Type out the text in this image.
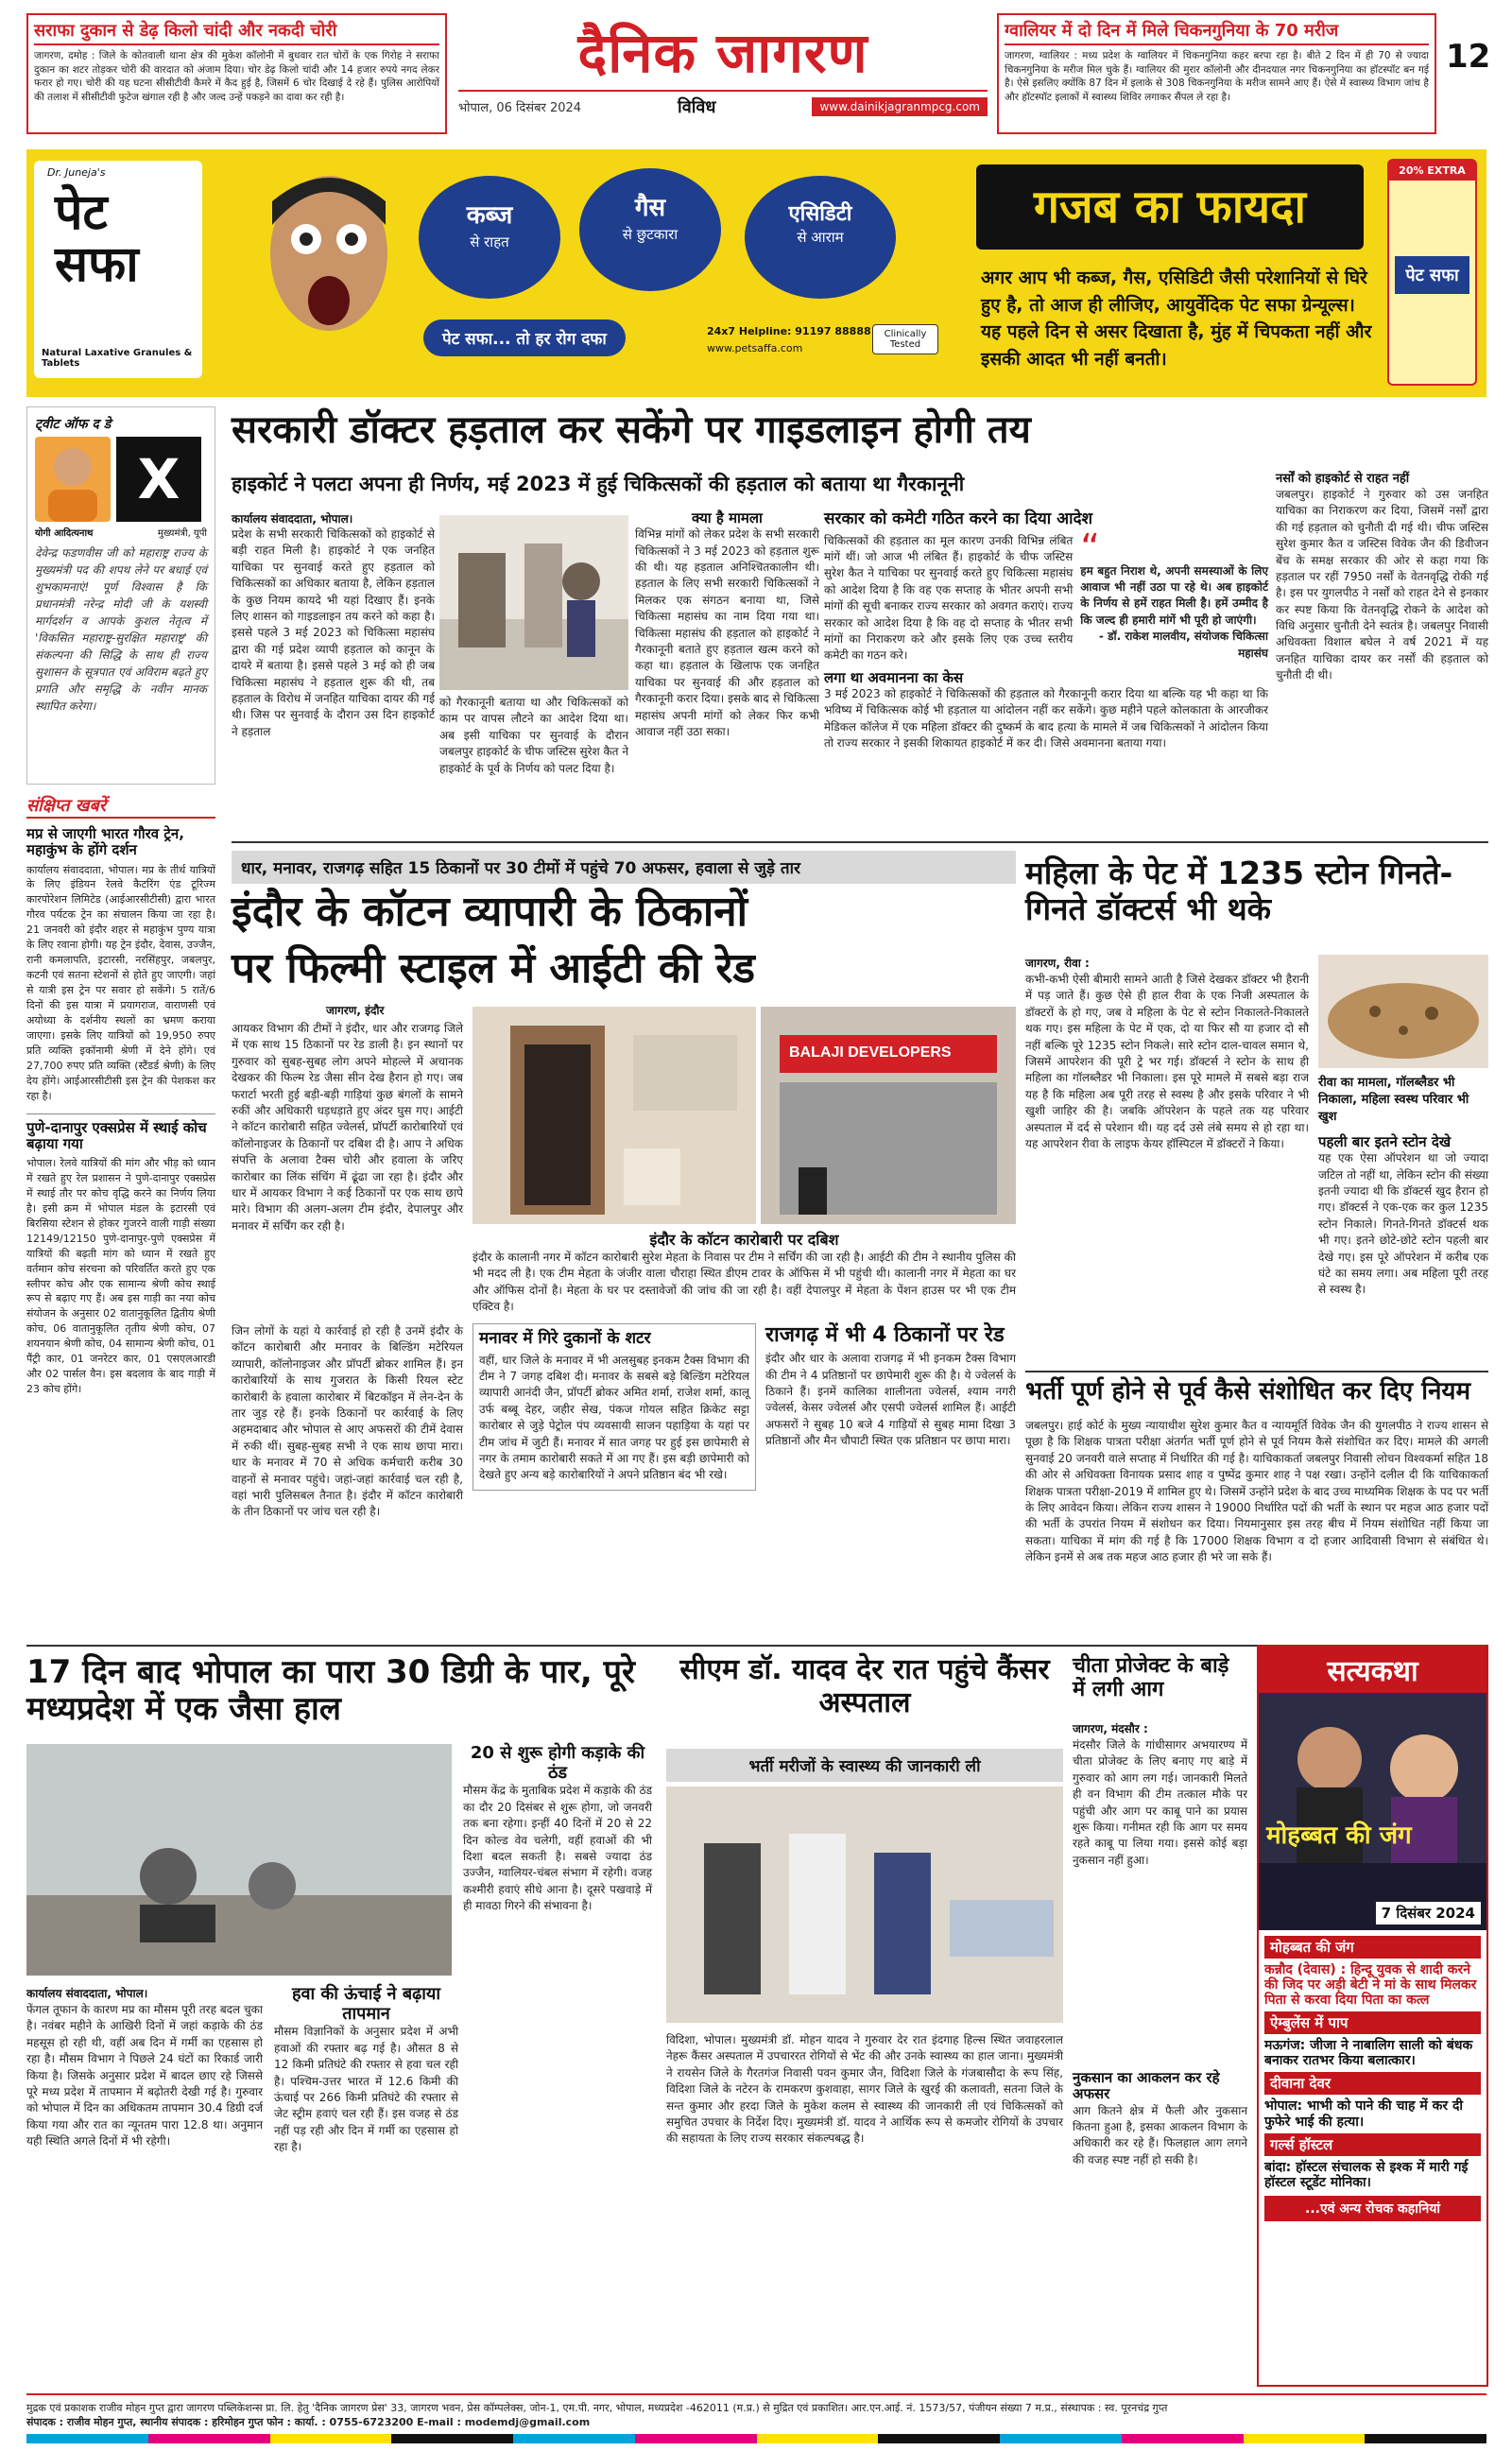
सराफा दुकान से डेढ़ किलो चांदी और नकदी चोरी
जागरण, दमोह : जिले के कोतवाली थाना क्षेत्र की मुकेश कॉलोनी में बुधवार रात चोरों के एक गिरोह ने सराफा दुकान का शटर तोड़कर चोरी की वारदात को अंजाम दिया। चोर डेढ़ किलो चांदी और 14 हजार रुपये नगद लेकर फरार हो गए। चोरी की यह घटना सीसीटीवी कैमरे में कैद हुई है, जिसमें 6 चोर दिखाई दे रहे हैं। पुलिस आरोपियों की तलाश में सीसीटीवी फुटेज खंगाल रही है और जल्द उन्हें पकड़ने का दावा कर रही है।
दैनिक जागरण
भोपाल, 06 दिसंबर 2024	विविध	www.dainikjagranmpcg.com
ग्वालियर में दो दिन में मिले चिकनगुनिया के 70 मरीज
जागरण, ग्वालियर : मध्य प्रदेश के ग्वालियर में चिकनगुनिया कहर बरपा रहा है। बीते 2 दिन में ही 70 से ज्यादा चिकनगुनिया के मरीज मिल चुके हैं। ग्वालियर की मुरार कॉलोनी और दीनदयाल नगर चिकनगुनिया का हॉटस्पॉट बन गई है। ऐसे इसलिए क्योंकि 87 दिन में इलाके से 308 चिकनगुनिया के मरीज सामने आए हैं। ऐसे में स्वास्थ्य विभाग जांच है और हॉटस्पॉट इलाकों में स्वास्थ्य शिविर लगाकर सैंपल ले रहा है।
12
Dr. Juneja's
पेट सफा
Natural Laxative Granules & Tablets
कब्ज
से राहत
गैस
से छुटकारा
एसिडिटी
से आराम
पेट सफा... तो हर रोग दफा	24x7 Helpline: 91197 88888
www.petsaffa.com
Clinically Tested
गजब का फायदा
अगर आप भी कब्ज, गैस, एसिडिटी जैसी परेशानियों से घिरे हुए है, तो आज ही लीजिए, आयुर्वेदिक पेट सफा ग्रेन्यूल्स। यह पहले दिन से असर दिखाता है, मुंह में चिपकता नहीं और इसकी आदत भी नहीं बनती।
20% EXTRA
पेट सफा
ट्वीट ऑफ द डे
X
योगी आदित्यनाथ	मुख्यमंत्री, यूपी
देवेन्द्र फडणवीस जी को महाराष्ट्र राज्य के मुख्यमंत्री पद की शपथ लेने पर बधाई एवं शुभकामनाएं! पूर्ण विश्वास है कि प्रधानमंत्री नरेन्द्र मोदी जी के यशस्वी मार्गदर्शन व आपके कुशल नेतृत्व में 'विकसित महाराष्ट्र-सुरक्षित महाराष्ट्र' की संकल्पना की सिद्धि के साथ ही राज्य सुशासन के सूत्रपात एवं अविराम बढ़ते हुए प्रगति और समृद्धि के नवीन मानक स्थापित करेगा।
संक्षिप्त खबरें
मप्र से जाएगी भारत गौरव ट्रेन, महाकुंभ के होंगे दर्शन
कार्यालय संवाददाता, भोपाल। मप्र के तीर्थ यात्रियों के लिए इंडियन रेलवे कैटरिंग एंड टूरिज्म कारपोरेशन लिमिटेड (आईआरसीटीसी) द्वारा भारत गौरव पर्यटक ट्रेन का संचालन किया जा रहा है। 21 जनवरी को इंदौर शहर से महाकुंभ पुण्य यात्रा के लिए रवाना होगी। यह ट्रेन इंदौर, देवास, उज्जैन, रानी कमलापति, इटारसी, नरसिंहपुर, जबलपुर, कटनी एवं सतना स्टेशनों से होते हुए जाएगी। जहां से यात्री इस ट्रेन पर सवार हो सकेंगे। 5 रातें/6 दिनों की इस यात्रा में प्रयागराज, वाराणसी एवं अयोध्या के दर्शनीय स्थलों का भ्रमण कराया जाएगा। इसके लिए यात्रियों को 19,950 रुपए प्रति व्यक्ति इकॉनामी श्रेणी में देने होंगे। एवं 27,700 रुपए प्रति व्यक्ति (स्टैंडर्ड श्रेणी) के लिए देय होंगे। आईआरसीटीसी इस ट्रेन की पेशकश कर रहा है।
पुणे-दानापुर एक्सप्रेस में स्थाई कोच बढ़ाया गया
भोपाल। रेलवे यात्रियों की मांग और भीड़ को ध्यान में रखते हुए रेल प्रशासन ने पुणे-दानापुर एक्सप्रेस में स्थाई तौर पर कोच वृद्धि करने का निर्णय लिया है। इसी क्रम में भोपाल मंडल के इटारसी एवं बिरसिया स्टेशन से होकर गुजरने वाली गाड़ी संख्या 12149/12150 पुणे-दानापुर-पुणे एक्सप्रेस में यात्रियों की बढ़ती मांग को ध्यान में रखते हुए वर्तमान कोच संरचना को परिवर्तित करते हुए एक स्लीपर कोच और एक सामान्य श्रेणी कोच स्थाई रूप से बढ़ाए गए हैं। अब इस गाड़ी का नया कोच संयोजन के अनुसार 02 वातानुकूलित द्वितीय श्रेणी कोच, 06 वातानुकूलित तृतीय श्रेणी कोच, 07 शयनयान श्रेणी कोच, 04 सामान्य श्रेणी कोच, 01 पैंट्री कार, 01 जनरेटर कार, 01 एसएलआरडी और 02 पार्सल वैन। इस बदलाव के बाद गाड़ी में 23 कोच होंगे।
सरकारी डॉक्टर हड़ताल कर सकेंगे पर गाइडलाइन होगी तय
हाइकोर्ट ने पलटा अपना ही निर्णय, मई 2023 में हुई चिकित्सकों की हड़ताल को बताया था गैरकानूनी
कार्यालय संवाददाता, भोपाल।
प्रदेश के सभी सरकारी चिकित्सकों को हाइकोर्ट से बड़ी राहत मिली है। हाइकोर्ट ने एक जनहित याचिका पर सुनवाई करते हुए हड़ताल को चिकित्सकों का अधिकार बताया है, लेकिन हड़ताल के कुछ नियम कायदे भी यहां दिखाए हैं। इनके लिए शासन को गाइडलाइन तय करने को कहा है। इससे पहले 3 मई 2023 को चिकित्सा महासंघ द्वारा की गई प्रदेश व्यापी हड़ताल को कानून के दायरे में बताया है। इससे पहले 3 मई को ही जब चिकित्सा महासंघ ने हड़ताल शुरू की थी, तब हड़ताल के विरोध में जनहित याचिका दायर की गई थी। जिस पर सुनवाई के दौरान उस दिन हाइकोर्ट ने हड़ताल
को गैरकानूनी बताया था और चिकित्सकों को काम पर वापस लौटने का आदेश दिया था। अब इसी याचिका पर सुनवाई के दौरान जबलपुर हाइकोर्ट के चीफ जस्टिस सुरेश कैत ने हाइकोर्ट के पूर्व के निर्णय को पलट दिया है।
क्या है मामला
विभिन्न मांगों को लेकर प्रदेश के सभी सरकारी चिकित्सकों ने 3 मई 2023 को हड़ताल शुरू की थी। यह हड़ताल अनिश्चितकालीन थी। हड़ताल के लिए सभी सरकारी चिकित्सकों ने मिलकर एक संगठन बनाया था, जिसे चिकित्सा महासंघ का नाम दिया गया था। चिकित्सा महासंघ की हड़ताल को हाइकोर्ट ने गैरकानूनी बताते हुए हड़ताल खत्म करने को कहा था। हड़ताल के खिलाफ एक जनहित याचिका पर सुनवाई की और हड़ताल को गैरकानूनी करार दिया। इसके बाद से चिकित्सा महासंघ अपनी मांगों को लेकर फिर कभी आवाज नहीं उठा सका।
सरकार को कमेटी गठित करने का दिया आदेश
चिकित्सकों की हड़ताल का मूल कारण उनकी विभिन्न लंबित मांगें थीं। जो आज भी लंबित हैं। हाइकोर्ट के चीफ जस्टिस सुरेश कैत ने याचिका पर सुनवाई करते हुए चिकित्सा महासंघ को आदेश दिया है कि वह एक सप्ताह के भीतर अपनी सभी मांगों की सूची बनाकर राज्य सरकार को अवगत कराएं। राज्य सरकार को आदेश दिया है कि वह दो सप्ताह के भीतर सभी मांगों का निराकरण करे और इसके लिए एक उच्च स्तरीय कमेटी का गठन करे।
“
हम बहुत निराश थे, अपनी समस्याओं के लिए आवाज भी नहीं उठा पा रहे थे। अब हाइकोर्ट के निर्णय से हमें राहत मिली है। हमें उम्मीद है कि जल्द ही हमारी मांगें भी पूरी हो जाएंगी।
- डॉ. राकेश मालवीय, संयोजक चिकित्सा महासंघ
लगा था अवमानना का केस
3 मई 2023 को हाइकोर्ट ने चिकित्सकों की हड़ताल को गैरकानूनी करार दिया था बल्कि यह भी कहा था कि भविष्य में चिकित्सक कोई भी हड़ताल या आंदोलन नहीं कर सकेंगे। कुछ महीने पहले कोलकाता के आरजीकर मेडिकल कॉलेज में एक महिला डॉक्टर की दुष्कर्म के बाद हत्या के मामले में जब चिकित्सकों ने आंदोलन किया तो राज्य सरकार ने इसकी शिकायत हाइकोर्ट में कर दी। जिसे अवमानना बताया गया।
नर्सों को हाइकोर्ट से राहत नहीं
जबलपुर। हाइकोर्ट ने गुरुवार को उस जनहित याचिका का निराकरण कर दिया, जिसमें नर्सों द्वारा की गई हड़ताल को चुनौती दी गई थी। चीफ जस्टिस सुरेश कुमार कैत व जस्टिस विवेक जैन की डिवीजन बेंच के समक्ष सरकार की ओर से कहा गया कि हड़ताल पर रहीं 7950 नर्सों के वेतनवृद्धि रोकी गई है। इस पर युगलपीठ ने नर्सों को राहत देने से इनकार कर स्पष्ट किया कि वेतनवृद्धि रोकने के आदेश को विधि अनुसार चुनौती देने स्वतंत्र है। जबलपुर निवासी अधिवक्ता विशाल बघेल ने वर्ष 2021 में यह जनहित याचिका दायर कर नर्सों की हड़ताल को चुनौती दी थी।
धार, मनावर, राजगढ़ सहित 15 ठिकानों पर 30 टीमों में पहुंचे 70 अफसर, हवाला से जुड़े तार
इंदौर के कॉटन व्यापारी के ठिकानों
पर फिल्मी स्टाइल में आईटी की रेड
जागरण, इंदौर
आयकर विभाग की टीमों ने इंदौर, धार और राजगढ़ जिले में एक साथ 15 ठिकानों पर रेड डाली है। इन स्थानों पर गुरुवार को सुबह-सुबह लोग अपने मोहल्ले में अचानक देखकर की फिल्म रेड जैसा सीन देख हैरान हो गए। जब फरार्टा भरती हुई बड़ी-बड़ी गाड़ियां कुछ बंगलों के सामने रुकीं और अधिकारी धड़धड़ाते हुए अंदर घुस गए। आईटी ने कॉटन कारोबारी सहित ज्वेलर्स, प्रॉपर्टी कारोबारियों एवं कॉलोनाइजर के ठिकानों पर दबिश दी है। आप ने अधिक संपत्ति के अलावा टैक्स चोरी और हवाला के जरिए कारोबार का लिंक संचिंग में ढूंढा जा रहा है। इंदौर और धार में आयकर विभाग ने कई ठिकानों पर एक साथ छापे मारे। विभाग की अलग-अलग टीम इंदौर, देपालपुर और मनावर में सर्चिंग कर रही है।
BALAJI DEVELOPERS
इंदौर के कॉटन कारोबारी पर दबिश
इंदौर के कालानी नगर में कॉटन कारोबारी सुरेश मेहता के निवास पर टीम ने सर्चिंग की जा रही है। आईटी की टीम ने स्थानीय पुलिस की भी मदद ली है। एक टीम मेहता के जंजीर वाला चौराहा स्थित डीएम टावर के ऑफिस में भी पहुंची थी। कालानी नगर में मेहता का घर और ऑफिस दोनों है। मेहता के घर पर दस्तावेजों की जांच की जा रही है। वहीं देपालपुर में मेहता के पेंशन हाउस पर भी एक टीम एक्टिव है।
जिन लोगों के यहां ये कार्रवाई हो रही है उनमें इंदौर के कॉटन कारोबारी और मनावर के बिल्डिंग मटेरियल व्यापारी, कॉलोनाइजर और प्रॉपर्टी ब्रोकर शामिल हैं। इन कारोबारियों के साथ गुजरात के किसी रियल स्टेट कारोबारी के हवाला कारोबार में बिटकॉइन में लेन-देन के तार जुड़ रहे हैं। इनके ठिकानों पर कार्रवाई के लिए अहमदाबाद और भोपाल से आए अफसरों की टीमें देवास में रुकी थीं। सुबह-सुबह सभी ने एक साथ छापा मारा। धार के मनावर में 70 से अधिक कर्मचारी करीब 30 वाहनों से मनावर पहुंचे। जहां-जहां कार्रवाई चल रही है, वहां भारी पुलिसबल तैनात है। इंदौर में कॉटन कारोबारी के तीन ठिकानों पर जांच चल रही है।
मनावर में गिरे दुकानों के शटर
वहीं, धार जिले के मनावर में भी अलसुबह इनकम टैक्स विभाग की टीम ने 7 जगह दबिश दी। मनावर के सबसे बड़े बिल्डिंग मटेरियल व्यापारी आनंदी जैन, प्रॉपर्टी ब्रोकर अमित शर्मा, राजेश शर्मा, कालू उर्फ बब्बू देहर, जहीर सेख, पंकज गोयल सहित क्रिकेट सट्टा कारोबार से जुड़े पेट्रोल पंप व्यवसायी साजन पहाड़िया के यहां पर टीम जांच में जुटी हैं। मनावर में सात जगह पर हुई इस छापेमारी से नगर के तमाम कारोबारी सकते में आ गए हैं। इस बड़ी छापेमारी को देखते हुए अन्य बड़े कारोबारियों ने अपने प्रतिष्ठान बंद भी रखे।
राजगढ़ में भी 4 ठिकानों पर रेड
इंदौर और धार के अलावा राजगढ़ में भी इनकम टैक्स विभाग की टीम ने 4 प्रतिष्ठानों पर छापेमारी शुरू की है। ये ज्वेलर्स के ठिकाने हैं। इनमें कालिका शालीनता ज्वेलर्स, श्याम नगरी ज्वेलर्स, केसर ज्वेलर्स और एसपी ज्वेलर्स शामिल हैं। आईटी अफसरों ने सुबह 10 बजे 4 गाड़ियों से सुबह मामा दिखा 3 प्रतिष्ठानों और मैन चौपाटी स्थित एक प्रतिष्ठान पर छापा मारा।
महिला के पेट में 1235 स्टोन गिनते-गिनते डॉक्टर्स भी थके
जागरण, रीवा :
कभी-कभी ऐसी बीमारी सामने आती है जिसे देखकर डॉक्टर भी हैरानी में पड़ जाते हैं। कुछ ऐसे ही हाल रीवा के एक निजी अस्पताल के डॉक्टरों के हो गए, जब वे महिला के पेट से स्टोन निकालते-निकालते थक गए। इस महिला के पेट में एक, दो या फिर सौ या हजार दो सौ नहीं बल्कि पूरे 1235 स्टोन निकले। सारे स्टोन दाल-चावल समान थे, जिसमें आपरेशन की पूरी ट्रे भर गई। डॉक्टर्स ने स्टोन के साथ ही महिला का गॉलब्लैडर भी निकाला। इस पूरे मामले में सबसे बड़ा राज यह है कि महिला अब पूरी तरह से स्वस्थ है और इसके परिवार ने भी खुशी जाहिर की है। जबकि ऑपरेशन के पहले तक यह परिवार अस्पताल में दर्द से परेशान थी। यह दर्द उसे लंबे समय से हो रहा था। यह आपरेशन रीवा के लाइफ केयर हॉस्पिटल में डॉक्टरों ने किया।
रीवा का मामला, गॉलब्लैडर भी निकाला, महिला स्वस्थ परिवार भी खुश
पहली बार इतने स्टोन देखे
यह एक ऐसा ऑपरेशन था जो ज्यादा जटिल तो नहीं था, लेकिन स्टोन की संख्या इतनी ज्यादा थी कि डॉक्टर्स खुद हैरान हो गए। डॉक्टर्स ने एक-एक कर कुल 1235 स्टोन निकाले। गिनते-गिनते डॉक्टर्स थक भी गए। इतने छोटे-छोटे स्टोन पहली बार देखे गए। इस पूरे ऑपरेशन में करीब एक घंटे का समय लगा। अब महिला पूरी तरह से स्वस्थ है।
भर्ती पूर्ण होने से पूर्व कैसे संशोधित कर दिए नियम
जबलपुर। हाई कोर्ट के मुख्य न्यायाधीश सुरेश कुमार कैत व न्यायमूर्ति विवेक जैन की युगलपीठ ने राज्य शासन से पूछा है कि शिक्षक पात्रता परीक्षा अंतर्गत भर्ती पूर्ण होने से पूर्व नियम कैसे संशोधित कर दिए। मामले की अगली सुनवाई 20 जनवरी वाले सप्ताह में निर्धारित की गई है। याचिकाकर्ता जबलपुर निवासी लोचन विश्वकर्मा सहित 18 की ओर से अधिवक्ता विनायक प्रसाद शाह व पुष्पेंद्र कुमार शाह ने पक्ष रखा। उन्होंने दलील दी कि याचिकाकर्ता शिक्षक पात्रता परीक्षा-2019 में शामिल हुए थे। जिसमें उन्होंने प्रदेश के बाद उच्च माध्यमिक शिक्षक के पद पर भर्ती के लिए आवेदन किया। लेकिन राज्य शासन ने 19000 निर्धारित पदों की भर्ती के स्थान पर महज आठ हजार पदों की भर्ती के उपरांत नियम में संशोधन कर दिया। नियमानुसार इस तरह बीच में नियम संशोधित नहीं किया जा सकता। याचिका में मांग की गई है कि 17000 शिक्षक विभाग व दो हजार आदिवासी विभाग से संबंधित थे। लेकिन इनमें से अब तक महज आठ हजार ही भरे जा सके हैं।
17 दिन बाद भोपाल का पारा 30 डिग्री के पार, पूरे मध्यप्रदेश में एक जैसा हाल
20 से शुरू होगी कड़ाके की ठंड
मौसम केंद्र के मुताबिक प्रदेश में कड़ाके की ठंड का दौर 20 दिसंबर से शुरू होगा, जो जनवरी तक बना रहेगा। इन्हीं 40 दिनों में 20 से 22 दिन कोल्ड वेव चलेगी, वहीं हवाओं की भी दिशा बदल सकती है। सबसे ज्यादा ठंड उज्जैन, ग्वालियर-चंबल संभाग में रहेगी। वजह कश्मीरी हवाएं सीधे आना है। दूसरे पखवाड़े में ही मावठा गिरने की संभावना है।
कार्यालय संवाददाता, भोपाल।
फेंगल तूफान के कारण मप्र का मौसम पूरी तरह बदल चुका है। नवंबर महीने के आखिरी दिनों में जहां कड़ाके की ठंड महसूस हो रही थी, वहीं अब दिन में गर्मी का एहसास हो रहा है। मौसम विभाग ने पिछले 24 घंटों का रिकार्ड जारी किया है। जिसके अनुसार प्रदेश में बादल छाए रहे जिससे पूरे मध्य प्रदेश में तापमान में बढ़ोतरी देखी गई है। गुरुवार को भोपाल में दिन का अधिकतम तापमान 30.4 डिग्री दर्ज किया गया और रात का न्यूनतम पारा 12.8 था। अनुमान यही स्थिति अगले दिनों में भी रहेगी।
हवा की ऊंचाई ने बढ़ाया तापमान
मौसम विज्ञानिकों के अनुसार प्रदेश में अभी हवाओं की रफ्तार बढ़ गई है। औसत 8 से 12 किमी प्रतिघंटे की रफ्तार से हवा चल रही है। पश्चिम-उत्तर भारत में 12.6 किमी की ऊंचाई पर 266 किमी प्रतिघंटे की रफ्तार से जेट स्ट्रीम हवाएं चल रही हैं। इस वजह से ठंड नहीं पड़ रही और दिन में गर्मी का एहसास हो रहा है।
सीएम डॉ. यादव देर रात पहुंचे कैंसर अस्पताल
भर्ती मरीजों के स्वास्थ्य की जानकारी ली
विदिशा, भोपाल। मुख्यमंत्री डॉ. मोहन यादव ने गुरुवार देर रात इंदगाह हिल्स स्थित जवाहरलाल नेहरू कैंसर अस्पताल में उपचाररत रोगियों से भेंट की और उनके स्वास्थ्य का हाल जाना। मुख्यमंत्री ने रायसेन जिले के गैरतगंज निवासी पवन कुमार जैन, विदिशा जिले के गंजबासौदा के रूप सिंह, विदिशा जिले के नटेरन के रामकरण कुशवाहा, सागर जिले के खुरई की कलावती, सतना जिले के सन्त कुमार और हरदा जिले के मुकेश कलम से स्वास्थ्य की जानकारी ली एवं चिकित्सकों को समुचित उपचार के निर्देश दिए। मुख्यमंत्री डॉ. यादव ने आर्थिक रूप से कमजोर रोगियों के उपचार की सहायता के लिए राज्य सरकार संकल्पबद्ध है।
चीता प्रोजेक्ट के बाड़े में लगी आग
जागरण, मंदसौर :
मंदसौर जिले के गांधीसागर अभयारण्य में चीता प्रोजेक्ट के लिए बनाए गए बाड़े में गुरुवार को आग लग गई। जानकारी मिलते ही वन विभाग की टीम तत्काल मौके पर पहुंची और आग पर काबू पाने का प्रयास शुरू किया। गनीमत रही कि आग पर समय रहते काबू पा लिया गया। इससे कोई बड़ा नुकसान नहीं हुआ।
नुकसान का आकलन कर रहे अफसर
आग कितने क्षेत्र में फैली और नुकसान कितना हुआ है, इसका आकलन विभाग के अधिकारी कर रहे हैं। फिलहाल आग लगने की वजह स्पष्ट नहीं हो सकी है।
सत्यकथा
मोहब्बत की जंग
7 दिसंबर 2024
मोहब्बत की जंग
कन्नौद (देवास) : हिन्दू युवक से शादी करने की जिद पर अड़ी बेटी ने मां के साथ मिलकर पिता से करवा दिया पिता का कत्ल
ऐम्बुलेंस में पाप
मऊगंज: जीजा ने नाबालिग साली को बंधक बनाकर रातभर किया बलात्कार।
दीवाना देवर
भोपाल: भाभी को पाने की चाह में कर दी फुफेरे भाई की हत्या।
गर्ल्स हॉस्टल
बांदा: हॉस्टल संचालक से इश्क में मारी गई हॉस्टल स्टूडेंट मोनिका।
...एवं अन्य रोचक कहानियां
मुद्रक एवं प्रकाशक राजीव मोहन गुप्त द्वारा जागरण पब्लिकेशन्स प्रा. लि. हेतु 'दैनिक जागरण प्रेस' 33, जागरण भवन, प्रेस कॉम्पलेक्स, जोन-1, एम.पी. नगर, भोपाल, मध्यप्रदेश -462011 (म.प्र.) से मुद्रित एवं प्रकाशित। आर.एन.आई. नं. 1573/57, पंजीयन संख्या 7 म.प्र., संस्थापक : स्व. पूरनचंद्र गुप्त
संपादक : राजीव मोहन गुप्त, स्थानीय संपादक : हरिमोहन गुप्त फोन : कार्या. : 0755-6723200 E-mail : modemdj@gmail.com
